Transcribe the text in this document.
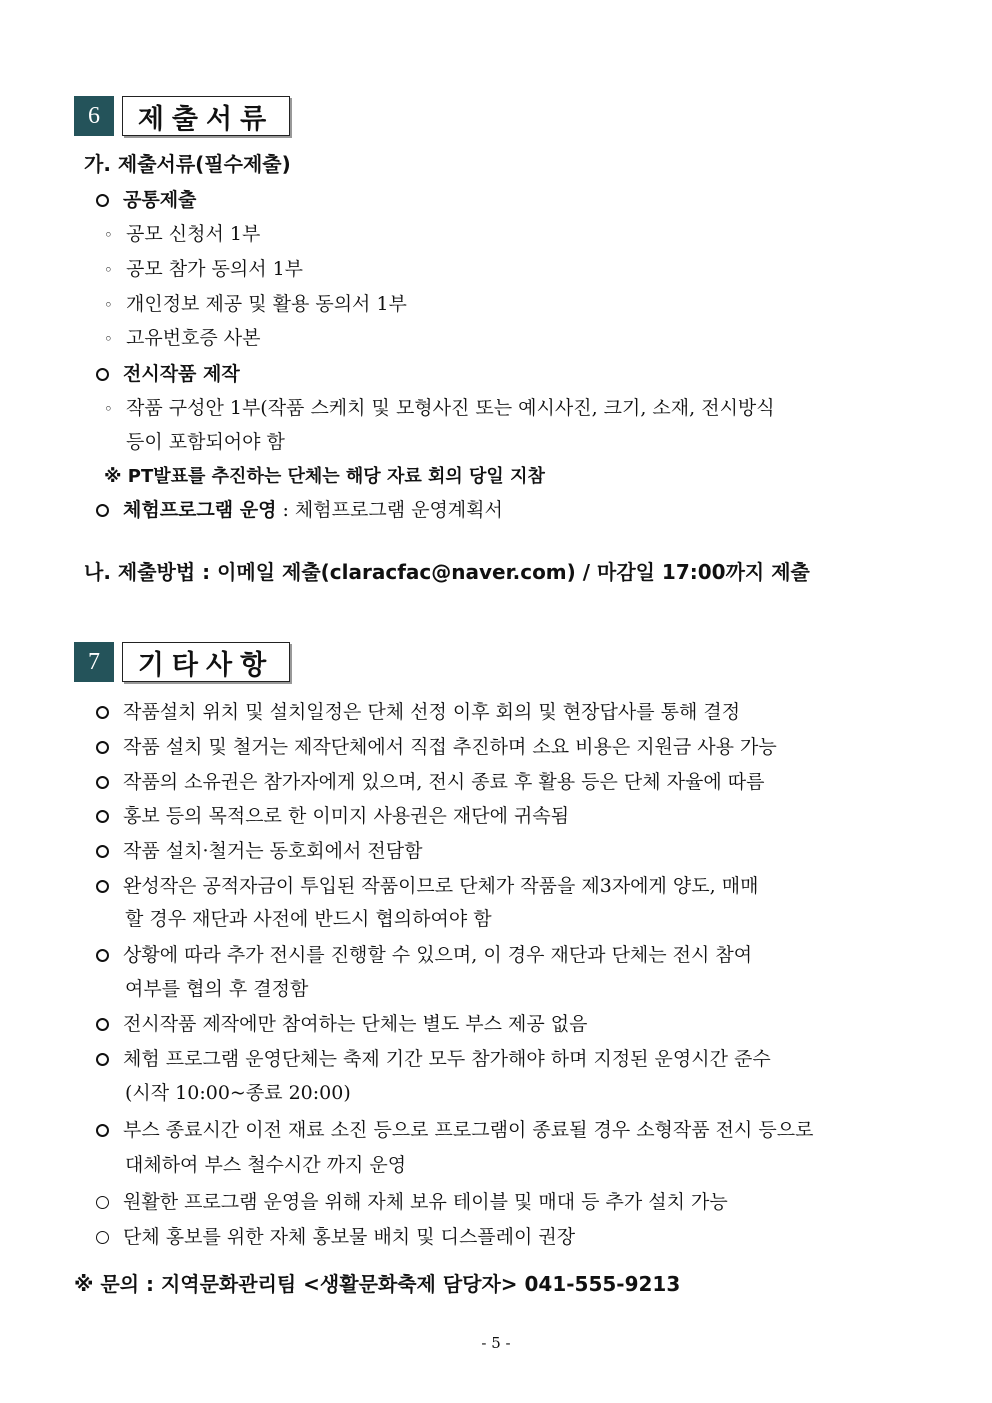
6	제출서류
가. 제출서류(필수제출)
공통제출
◦ 공모 신청서 1부
◦ 공모 참가 동의서 1부
◦ 개인정보 제공 및 활용 동의서 1부
◦ 고유번호증 사본
전시작품 제작
◦ 작품 구성안 1부(작품 스케치 및 모형사진 또는 예시사진, 크기, 소재, 전시방식
등이 포함되어야 함
※ PT발표를 추진하는 단체는 해당 자료 회의 당일 지참
체험프로그램 운영 : 체험프로그램 운영계획서
나. 제출방법 : 이메일 제출(claracfac@naver.com) / 마감일 17:00까지 제출
7	기타사항
작품설치 위치 및 설치일정은 단체 선정 이후 회의 및 현장답사를 통해 결정
작품 설치 및 철거는 제작단체에서 직접 추진하며 소요 비용은 지원금 사용 가능
작품의 소유권은 참가자에게 있으며, 전시 종료 후 활용 등은 단체 자율에 따름
홍보 등의 목적으로 한 이미지 사용권은 재단에 귀속됨
작품 설치·철거는 동호회에서 전담함
완성작은 공적자금이 투입된 작품이므로 단체가 작품을 제3자에게 양도, 매매
할 경우 재단과 사전에 반드시 협의하여야 함
상황에 따라 추가 전시를 진행할 수 있으며, 이 경우 재단과 단체는 전시 참여
여부를 협의 후 결정함
전시작품 제작에만 참여하는 단체는 별도 부스 제공 없음
체험 프로그램 운영단체는 축제 기간 모두 참가해야 하며 지정된 운영시간 준수
(시작 10:00~종료 20:00)
부스 종료시간 이전 재료 소진 등으로 프로그램이 종료될 경우 소형작품 전시 등으로
대체하여 부스 철수시간 까지 운영
원활한 프로그램 운영을 위해 자체 보유 테이블 및 매대 등 추가 설치 가능
단체 홍보를 위한 자체 홍보물 배치 및 디스플레이 권장
※ 문의 : 지역문화관리팀 <생활문화축제 담당자> 041-555-9213
- 5 -
